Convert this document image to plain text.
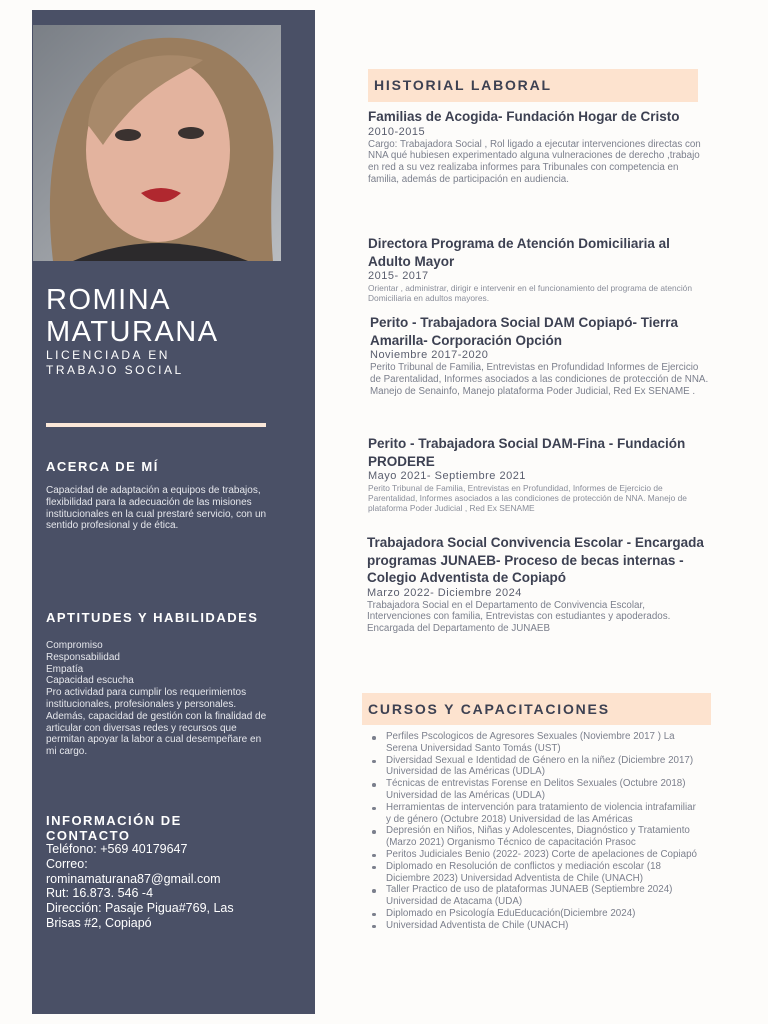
ROMINA
MATURANA
LICENCIADA EN
TRABAJO SOCIAL
ACERCA DE MÍ
Capacidad de adaptación a equipos de trabajos, flexibilidad para la adecuación de las misiones institucionales en la cual prestaré servicio, con un sentido profesional y de ética.
APTITUDES Y HABILIDADES
Compromiso
Responsabilidad
Empatía
Capacidad escucha
Pro actividad para cumplir los requerimientos institucionales, profesionales y personales.
Además, capacidad de gestión con la finalidad de articular con diversas redes y recursos que permitan apoyar la labor a cual desempeñare en mi cargo.
INFORMACIÓN DE
CONTACTO
Teléfono: +569 40179647
Correo:
rominamaturana87@gmail.com
Rut: 16.873. 546 -4
Dirección: Pasaje Pigua#769, Las
Brisas #2, Copiapó
HISTORIAL LABORAL
Familias de Acogida- Fundación Hogar de Cristo
2010-2015
Cargo: Trabajadora Social , Rol ligado a ejecutar intervenciones directas con NNA qué hubiesen experimentado alguna vulneraciones de derecho ,trabajo en red a su vez realizaba informes para Tribunales con competencia en familia, además de participación en audiencia.
Directora Programa de Atención Domiciliaria al Adulto Mayor
2015- 2017
Orientar , administrar, dirigir e intervenir en el funcionamiento del programa de atención Domiciliaria en adultos mayores.
Perito - Trabajadora Social DAM Copiapó- Tierra Amarilla- Corporación Opción
Noviembre 2017-2020
Perito Tribunal de Familia, Entrevistas en Profundidad Informes de Ejercicio de Parentalidad, Informes asociados a las condiciones de protección de NNA.
Manejo de Senainfo, Manejo plataforma Poder Judicial, Red Ex SENAME .
Perito - Trabajadora Social DAM-Fina - Fundación PRODERE
Mayo 2021- Septiembre 2021
Perito Tribunal de Familia, Entrevistas en Profundidad, Informes de Ejercicio de Parentalidad, Informes asociados a las condiciones de protección de NNA. Manejo de plataforma Poder Judicial , Red Ex SENAME
Trabajadora Social Convivencia Escolar - Encargada programas JUNAEB- Proceso de becas internas -Colegio Adventista de Copiapó
Marzo 2022- Diciembre 2024
Trabajadora Social en el Departamento de Convivencia Escolar, Intervenciones con familia, Entrevistas con estudiantes y apoderados.
Encargada del Departamento de JUNAEB
CURSOS Y CAPACITACIONES
Perfiles Pscologicos de Agresores Sexuales (Noviembre 2017 ) La Serena Universidad Santo Tomás (UST)
Diversidad Sexual e Identidad de Género en la niñez (Diciembre 2017) Universidad de las Américas (UDLA)
Técnicas de entrevistas Forense en Delitos Sexuales (Octubre 2018) Universidad de las Américas (UDLA)
Herramientas de intervención para tratamiento de violencia intrafamiliar y de género (Octubre 2018) Universidad de las Américas
Depresión en Niños, Niñas y Adolescentes, Diagnóstico y Tratamiento (Marzo 2021) Organismo Técnico de capacitación Prasoc
Peritos Judiciales Benio (2022- 2023) Corte de apelaciones de Copiapó
Diplomado en Resolución de conflictos y mediación escolar (18 Diciembre 2023) Universidad Adventista de Chile (UNACH)
Taller Practico de uso de plataformas JUNAEB (Septiembre 2024) Universidad de Atacama (UDA)
Diplomado en Psicología EduEducación(Diciembre 2024)
Universidad Adventista de Chile (UNACH)
